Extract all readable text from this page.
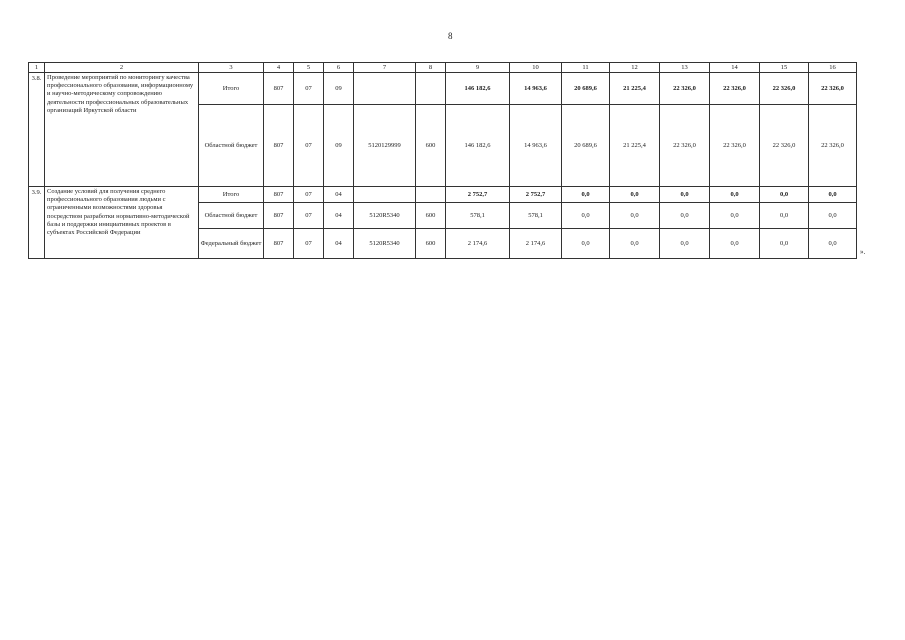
8
1	2	3	4	5	6	7	8	9	10	11	12	13	14	15	16
3.8.	Проведение мероприятий по мониторингу качества профессионального образования, информационному и научно-методическому сопровождению деятельности профессиональных образовательных организаций Иркутской области	Итого	807	07	09			146 182,6	14 963,6	20 689,6	21 225,4	22 326,0	22 326,0	22 326,0	22 326,0
		Областной бюджет	807	07	09	5120129999	600	146 182,6	14 963,6	20 689,6	21 225,4	22 326,0	22 326,0	22 326,0	22 326,0
3.9.	Создание условий для получения среднего профессионального образования людьми с ограниченными возможностями здоровья посредством разработки нормативно-методической базы и поддержки инициативных проектов в субъектах Российской Федерации	Итого	807	07	04			2 752,7	2 752,7	0,0	0,0	0,0	0,0	0,0	0,0
		Областной бюджет	807	07	04	5120R5340	600	578,1	578,1	0,0	0,0	0,0	0,0	0,0	0,0
		Федеральный бюджет	807	07	04	5120R5340	600	2 174,6	2 174,6	0,0	0,0	0,0	0,0	0,0	0,0
».
